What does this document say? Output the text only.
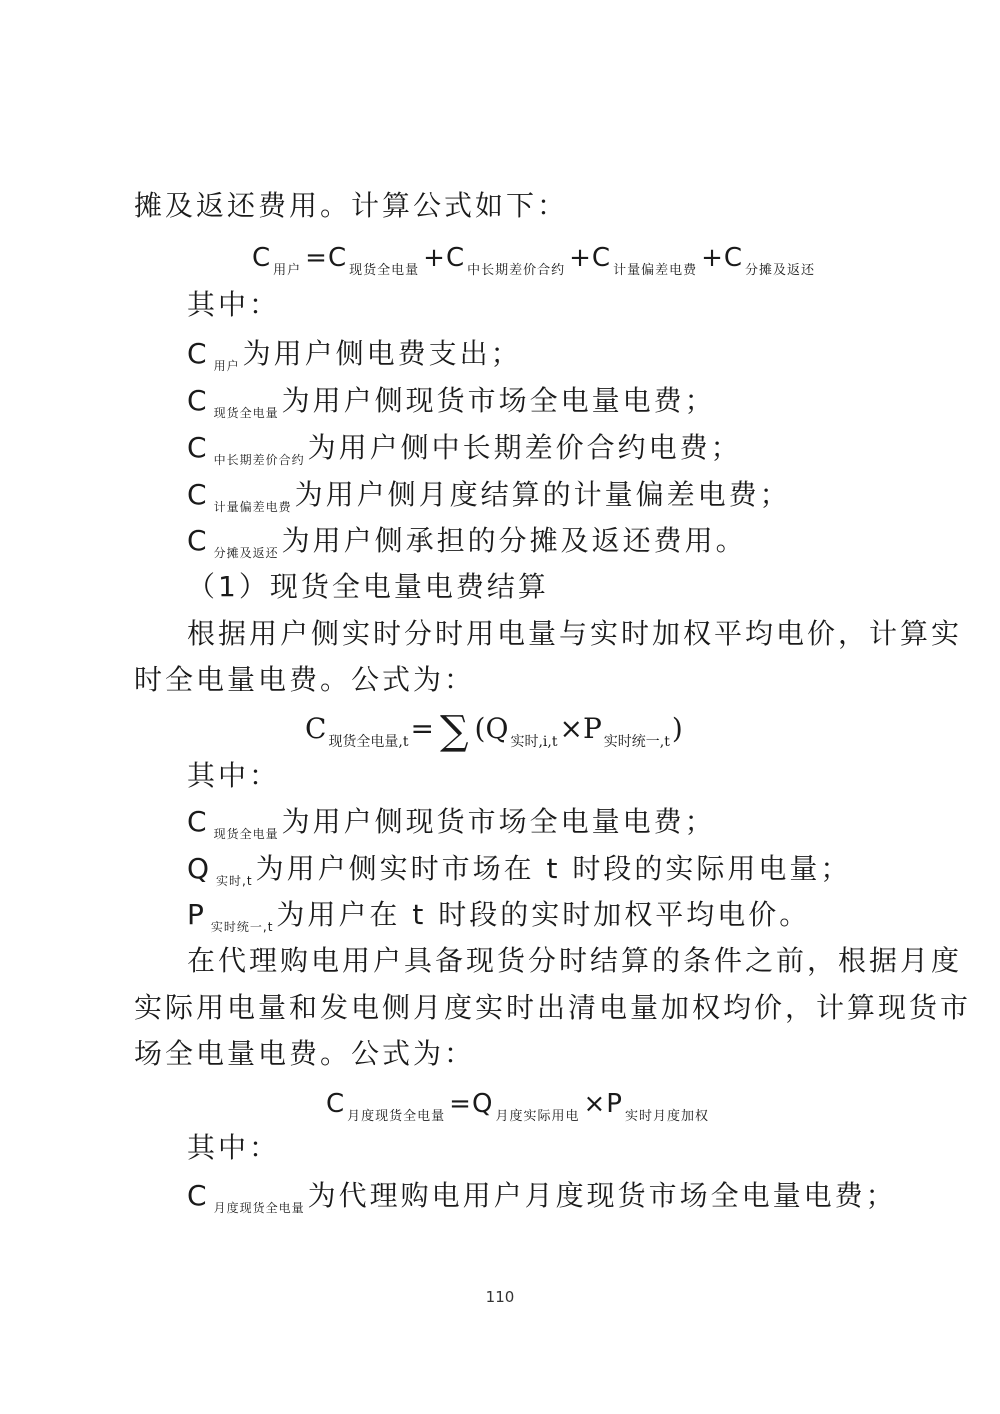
摊及返还费用。计算公式如下：
C $_{用户}$ =C $_{现货全电量}$ +C $_{中长期差价合约}$ +C $_{计量偏差电费}$ +C $_{分摊及返还}$
其中：
C $_{用户}$ 为用户侧电费支出；
C $_{现货全电量}$ 为用户侧现货市场全电量电费；
C $_{中长期差价合约}$ 为用户侧中长期差价合约电费；
C $_{计量偏差电费}$ 为用户侧月度结算的计量偏差电费；
C $_{分摊及返还}$ 为用户侧承担的分摊及返还费用。
（1）现货全电量电费结算
根据用户侧实时分时用电量与实时加权平均电价，计算实
时全电量电费。公式为：
C现货全电量,t= ∑ (Q 实时,i,t×P 实时统一,t)
其中：
C $_{现货全电量}$ 为用户侧现货市场全电量电费；
Q $_{实时,t}$ 为用户侧实时市场在 t 时段的实际用电量；
P $_{实时统一,t}$ 为用户在 t 时段的实时加权平均电价。
在代理购电用户具备现货分时结算的条件之前，根据月度
实际用电量和发电侧月度实时出清电量加权均价，计算现货市
场全电量电费。公式为：
C $_{月度现货全电量}$ =Q $_{月度实际用电}$ ×P $_{实时月度加权}$
其中：
C $_{月度现货全电量}$ 为代理购电用户月度现货市场全电量电费；
110
